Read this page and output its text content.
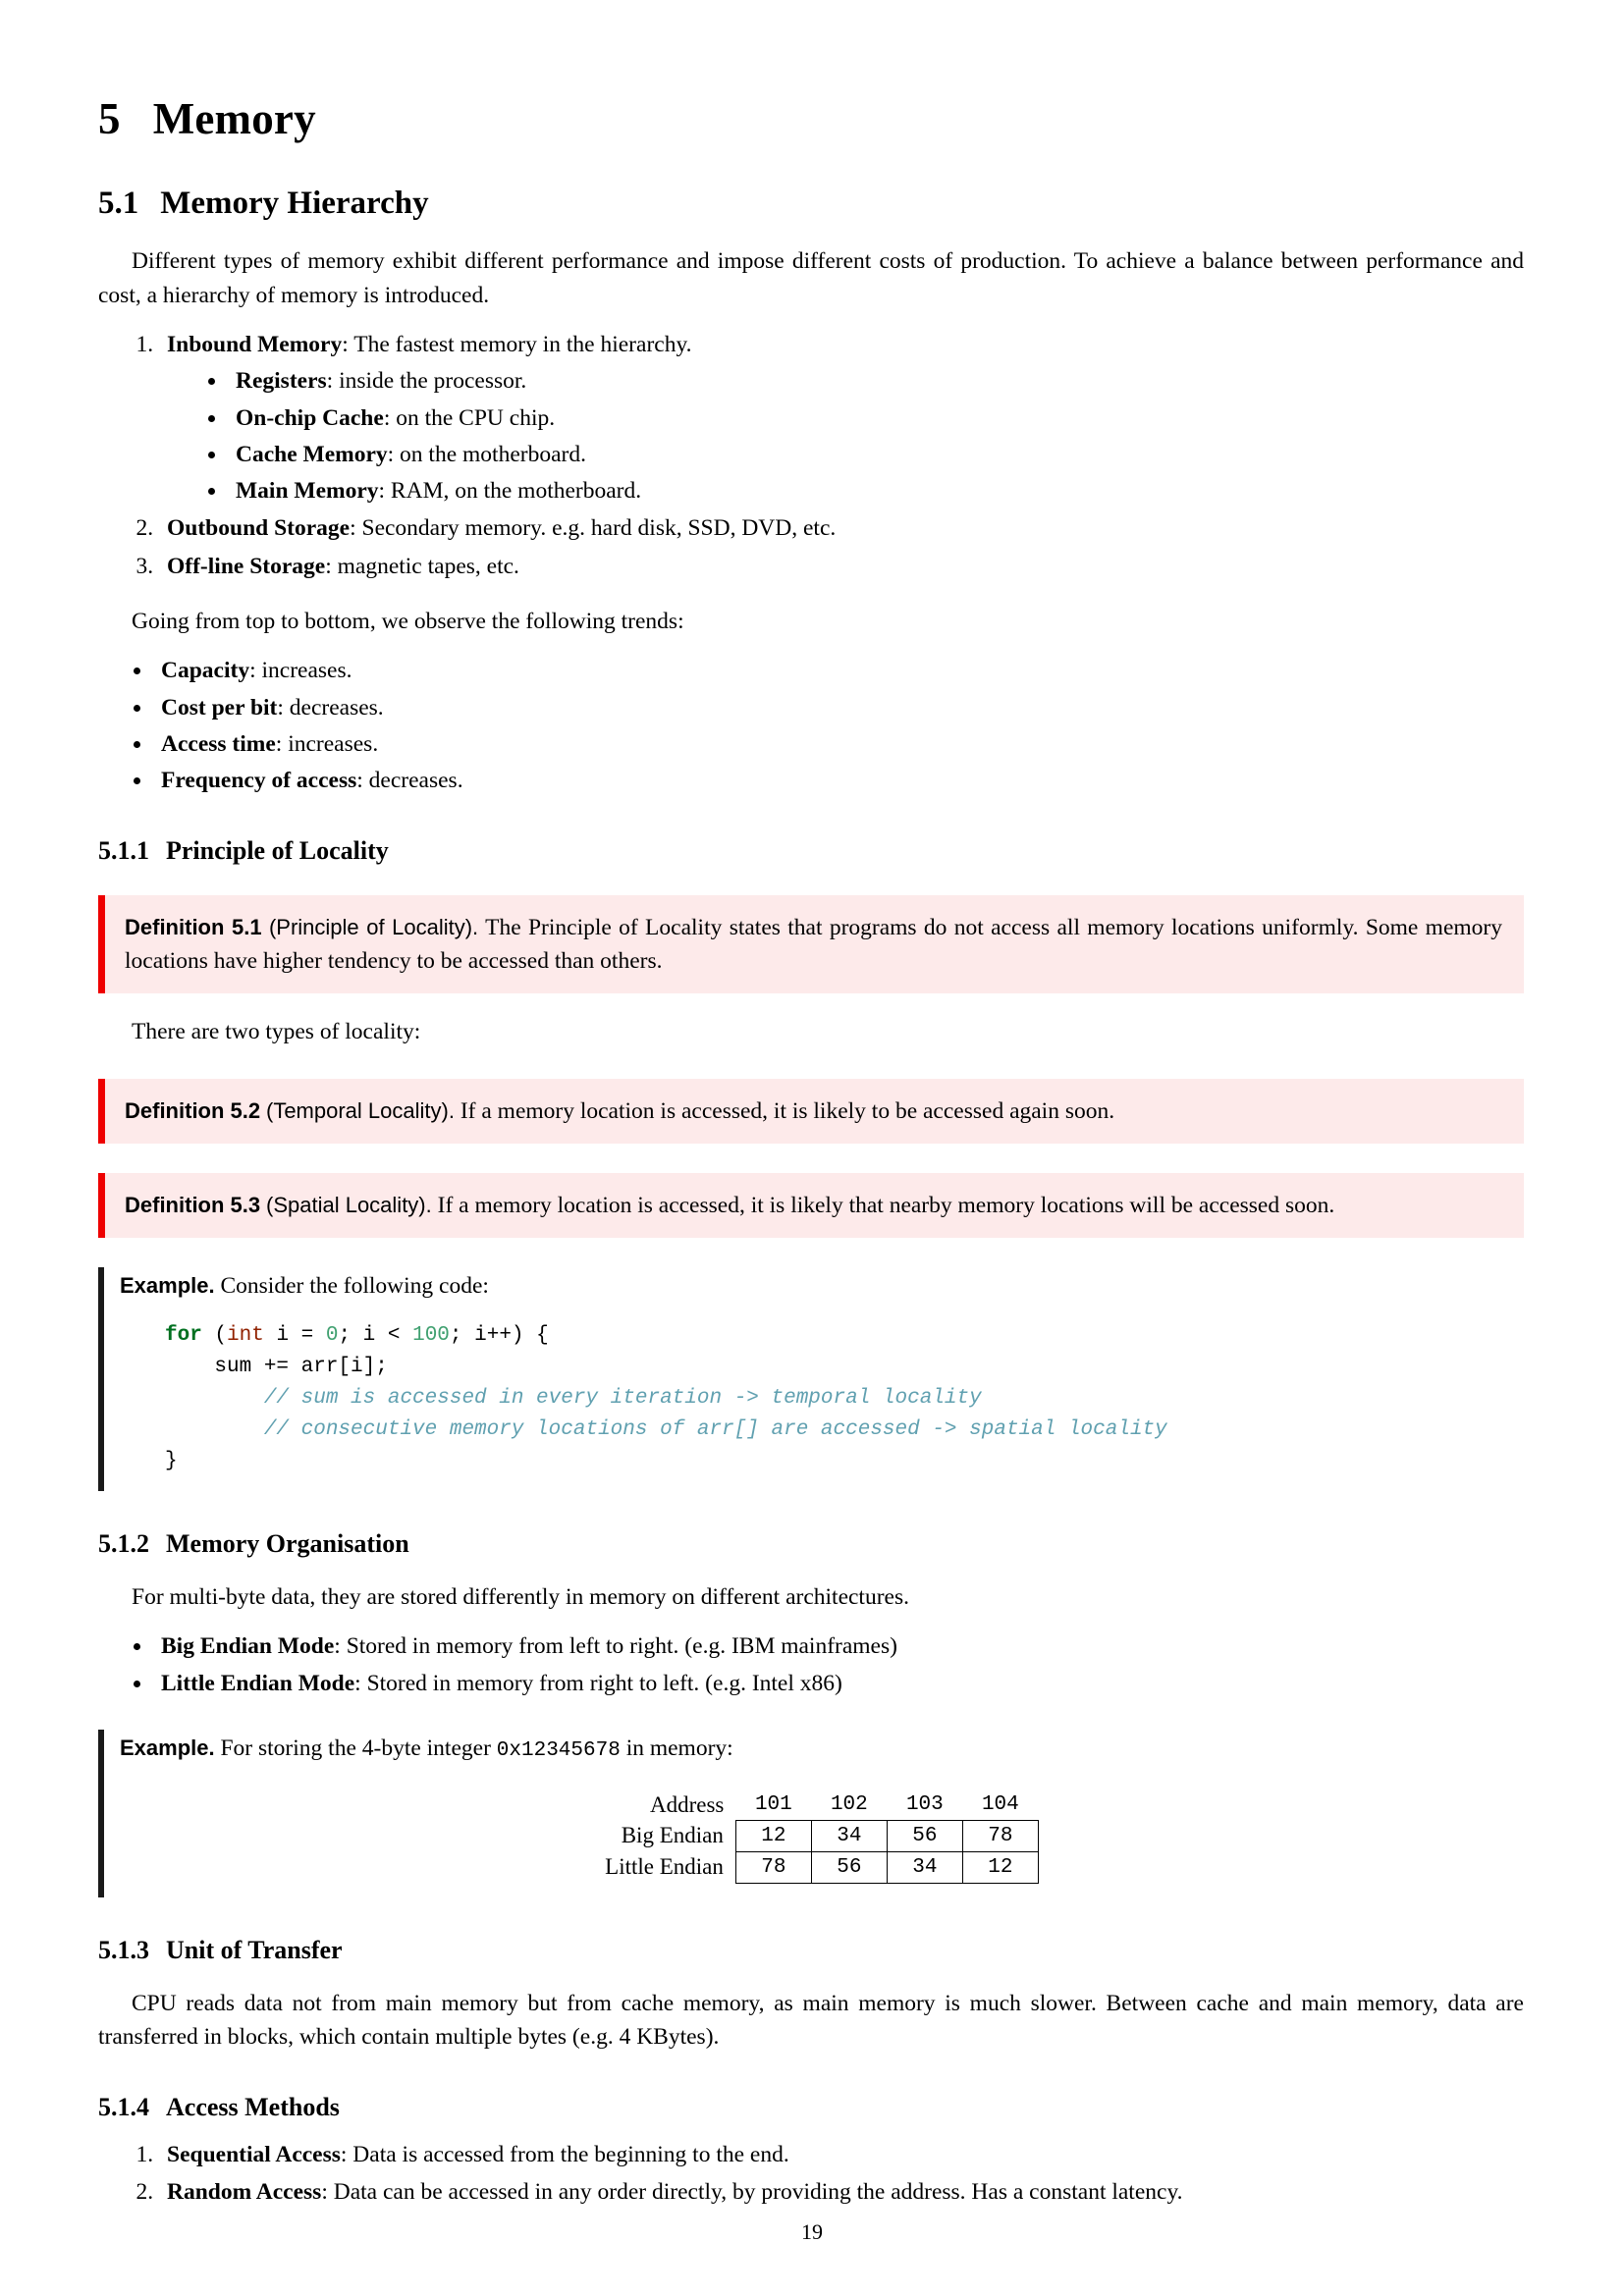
5 Memory
5.1 Memory Hierarchy

Different types of memory exhibit different performance and impose different costs of production. To achieve a balance between performance and cost, a hierarchy of memory is introduced.

1. Inbound Memory: The fastest memory in the hierarchy.
• Registers: inside the processor.
• On-chip Cache: on the CPU chip.
• Cache Memory: on the motherboard.
• Main Memory: RAM, on the motherboard.
2. Outbound Storage: Secondary memory. e.g. hard disk, SSD, DVD, etc.
3. Off-line Storage: magnetic tapes, etc.

Going from top to bottom, we observe the following trends:

• Capacity: increases.
• Cost per bit: decreases.
• Access time: increases.
• Frequency of access: decreases.
5.1.1 Principle of Locality
Definition 5.1 (Principle of Locality). The Principle of Locality states that programs do not access all memory locations uniformly. Some memory locations have higher tendency to be accessed than others.

There are two types of locality:

Definition 5.2 (Temporal Locality). If a memory location is accessed, it is likely to be accessed again soon.
Definition 5.3 (Spatial Locality). If a memory location is accessed, it is likely that nearby memory locations will be accessed soon.
Example. Consider the following code:
for (int i = 0; i < 100; i++) {
sum += arr[i];
// sum is accessed in every iteration -> temporal locality
// consecutive memory locations of arr[] are accessed -> spatial locality
}
5.1.2 Memory Organisation

For multi-byte data, they are stored differently in memory on different architectures.

• Big Endian Mode: Stored in memory from left to right. (e.g. IBM mainframes)
• Little Endian Mode: Stored in memory from right to left. (e.g. Intel x86)
Example. For storing the 4-byte integer 0x12345678 in memory:
Address	101	102	103	104
Big Endian	12	34	56	78
Little Endian	78	56	34	12
5.1.3 Unit of Transfer

CPU reads data not from main memory but from cache memory, as main memory is much slower. Between cache and main memory, data are transferred in blocks, which contain multiple bytes (e.g. 4 KBytes).

5.1.4 Access Methods
1. Sequential Access: Data is accessed from the beginning to the end.
2. Random Access: Data can be accessed in any order directly, by providing the address. Has a constant latency.
19
